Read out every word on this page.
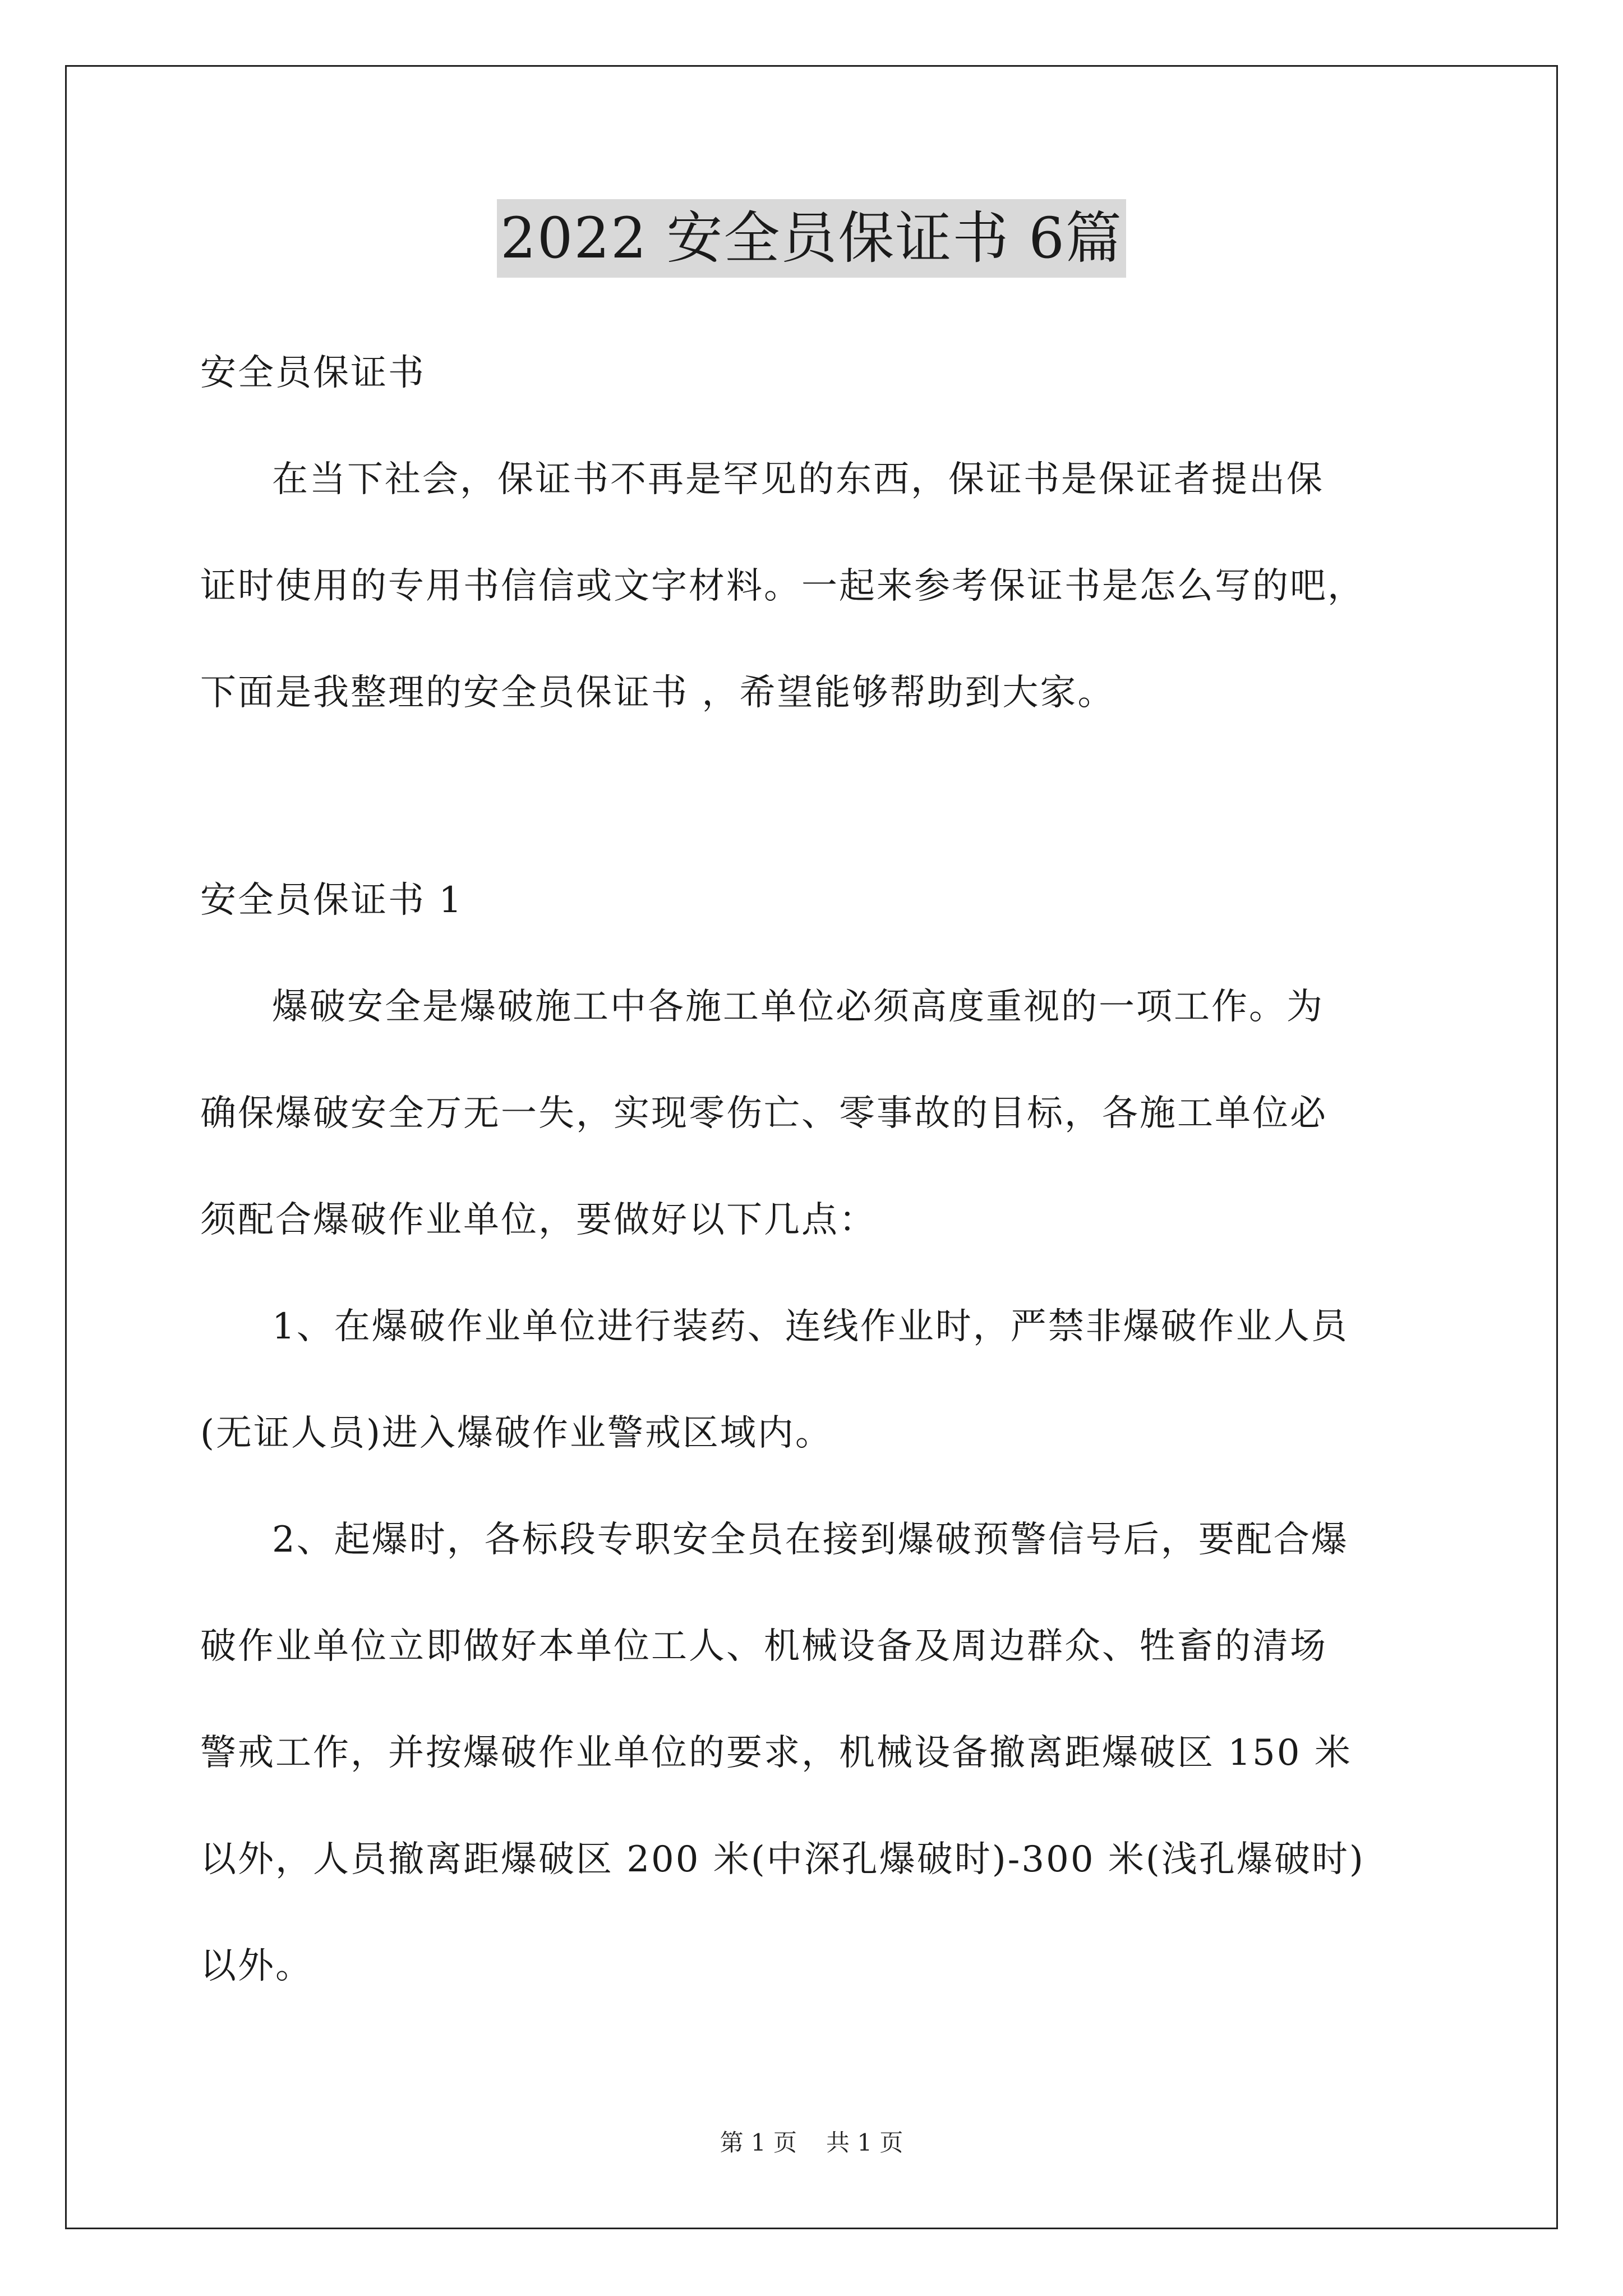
2022 安全员保证书 6篇
安全员保证书
在当下社会，保证书不再是罕见的东西，保证书是保证者提出保
证时使用的专用书信信或文字材料。一起来参考保证书是怎么写的吧，
下面是我整理的安全员保证书 ，希望能够帮助到大家。
安全员保证书 1
爆破安全是爆破施工中各施工单位必须高度重视的一项工作。为
确保爆破安全万无一失，实现零伤亡、零事故的目标，各施工单位必
须配合爆破作业单位，要做好以下几点：
1、在爆破作业单位进行装药、连线作业时，严禁非爆破作业人员
(无证人员)进入爆破作业警戒区域内。
2、起爆时，各标段专职安全员在接到爆破预警信号后，要配合爆
破作业单位立即做好本单位工人、机械设备及周边群众、牲畜的清场
警戒工作，并按爆破作业单位的要求，机械设备撤离距爆破区 150 米
以外，人员撤离距爆破区 200 米(中深孔爆破时)-300 米(浅孔爆破时)
以外。
第 1 页 共 1 页
